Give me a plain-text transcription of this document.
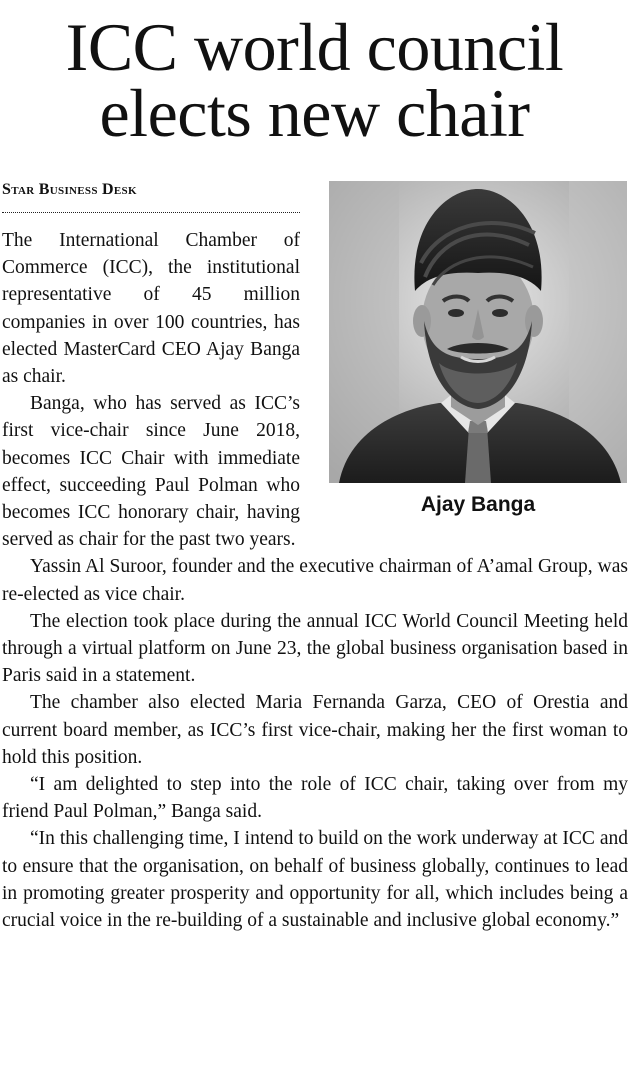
ICC world council
elects new chair
Star Business Desk
Ajay Banga

The International Chamber of Commerce (ICC), the institutional representative of 45 million companies in over 100 countries, has elected MasterCard CEO Ajay Banga as chair.

Banga, who has served as ICC’s first vice-chair since June 2018, becomes ICC Chair with immediate effect, succeeding Paul Polman who becomes ICC honorary chair, having served as chair for the past two years.

Yassin Al Suroor, founder and the executive chairman of A’amal Group, was re-elected as vice chair.

The election took place during the annual ICC World Council Meeting held through a virtual platform on June 23, the global business organisation based in Paris said in a statement.

The chamber also elected Maria Fernanda Garza, CEO of Orestia and current board member, as ICC’s first vice-chair, making her the first woman to hold this position.

“I am delighted to step into the role of ICC chair, taking over from my friend Paul Polman,” Banga said.

“In this challenging time, I intend to build on the work underway at ICC and to ensure that the organisation, on behalf of business globally, continues to lead in promoting greater prosperity and opportunity for all, which includes being a crucial voice in the re-building of a sustainable and inclusive global economy.”
